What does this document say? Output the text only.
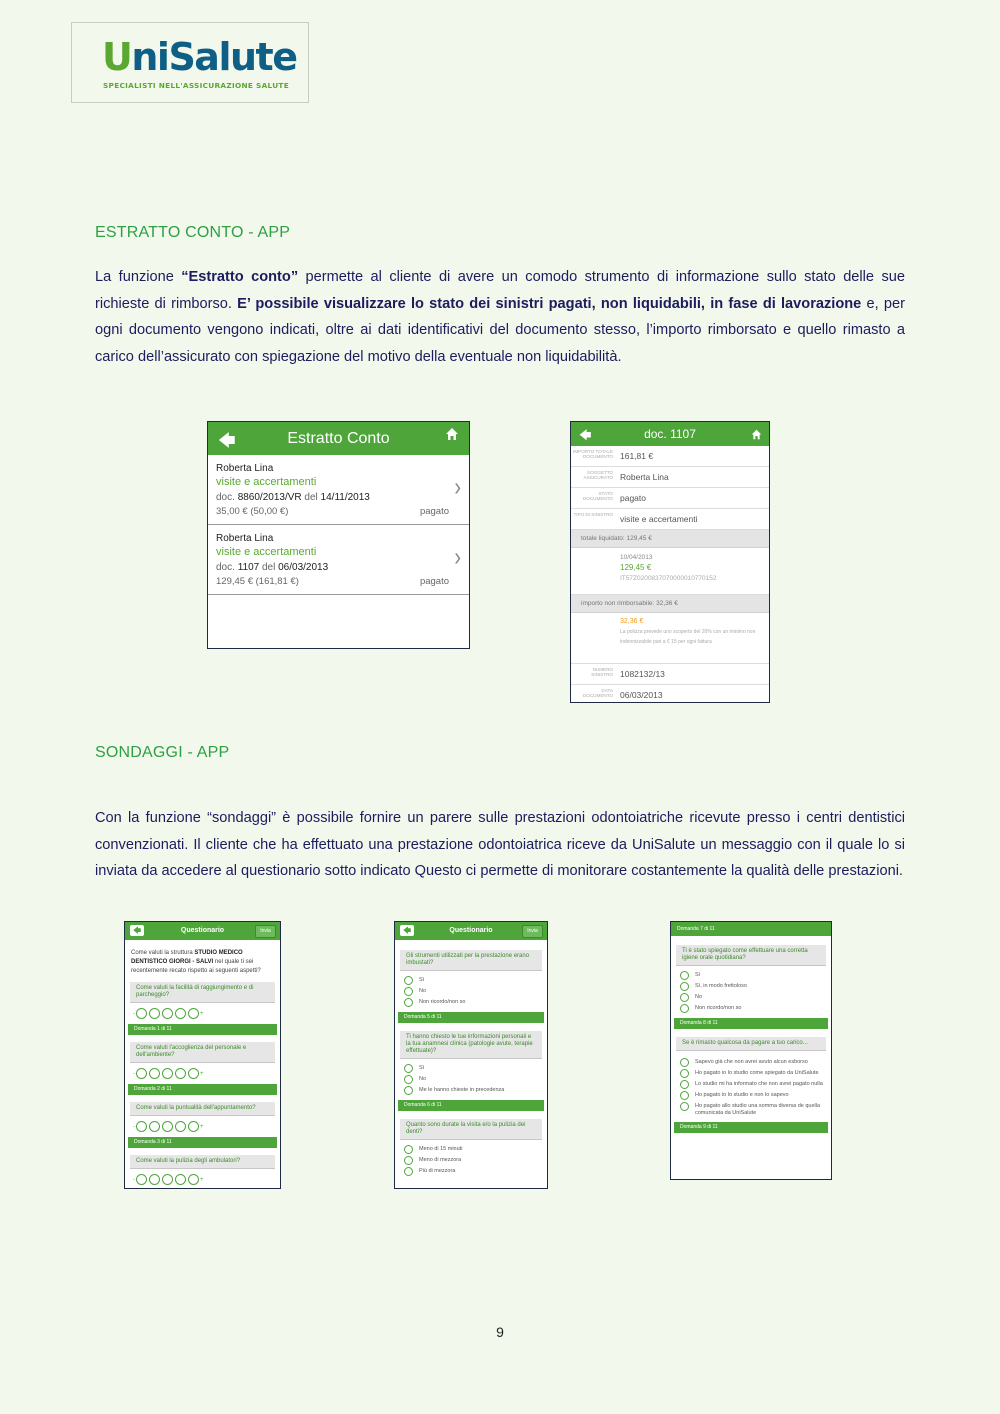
UniSalute
SPECIALISTI NELL'ASSICURAZIONE SALUTE
ESTRATTO CONTO - APP
La funzione “Estratto conto” permette al cliente di avere un comodo strumento di informazione sullo stato delle sue richieste di rimborso. E’ possibile visualizzare lo stato dei sinistri pagati, non liquidabili, in fase di lavorazione e, per ogni documento vengono indicati, oltre ai dati identificativi del documento stesso, l’importo rimborsato e quello rimasto a carico dell’assicurato con spiegazione del motivo della eventuale non liquidabilità.
🡄	Estratto Conto
Roberta Lina
visite e accertamenti
doc. 8860/2013/VR del 14/11/2013
35,00 € (50,00 €)	pagato
›
Roberta Lina
visite e accertamenti
doc. 1107 del 06/03/2013
129,45 € (161,81 €)	pagato
›
🡄	doc. 1107
IMPORTO TOTALE DOCUMENTO 161,81 €
SOGGETTO ASSICURATO Roberta Lina
STATO DOCUMENTO pagato
TIPO DI SINISTRO visite e accertamenti
totale liquidato: 129,45 €
10/04/2013
129,45 €
IT57Z0200837070000010770152
importo non rimborsabile: 32,36 €
32,36 €
La polizza prevede uno scoperto del 20% con un minimo non indennizzabile pari a € 15 per ogni fattura
NUMERO SINISTRO 1082132/13
DATA DOCUMENTO 06/03/2013
SONDAGGI - APP
Con la funzione “sondaggi” è possibile fornire un parere sulle prestazioni odontoiatriche ricevute presso i centri dentistici convenzionati. Il cliente che ha effettuato una prestazione odontoiatrica riceve da UniSalute un messaggio con il quale lo si inviata da accedere al questionario sotto indicato Questo ci permette di monitorare costantemente la qualità delle prestazioni.
🡄	Questionario	Invia
Come valuti la struttura STUDIO MEDICO DENTISTICO GIORGI - SALVI nel quale ti sei recentemente recato rispetto ai seguenti aspetti?
Come valuti la facilità di raggiungimento e di parcheggio?
-	+
Domanda 1 di 11
Come valuti l'accoglienza del personale e dell'ambiente?
-	+
Domanda 2 di 11
Come valuti la puntualità dell'appuntamento?
-	+
Domanda 3 di 11
Come valuti la pulizia degli ambulatori?
-	+
🡄	Questionario	Invia
Gli strumenti utilizzati per la prestazione erano imbustati?
Sì
No
Non ricordo/non so
Domanda 5 di 11
Ti hanno chiesto le tue informazioni personali e la tua anamnesi clinica (patologie avute, terapie effettuate)?
Sì
No
Me le hanno chieste in precedenza
Domanda 6 di 11
Quanto sono durate la visita e/o la pulizia dei denti?
Meno di 15 minuti
Meno di mezzora
Più di mezzora
Domanda 7 di 11
Ti è stato spiegato come effettuare una corretta igiene orale quotidiana?
Sì
Sì, in modo frettoloso
No
Non ricordo/non so
Domanda 8 di 11
Se è rimasto qualcosa da pagare a tuo carico...
Sapevo già che non avrei avuto alcun esborso
Ho pagato io lo studio come spiegato da UniSalute
Lo studio mi ha informato che non avrei pagato nulla
Ho pagato io lo studio e non lo sapevo
Ho pagato allo studio una somma diversa de quella comunicata da UniSalute
Domanda 9 di 11
9
